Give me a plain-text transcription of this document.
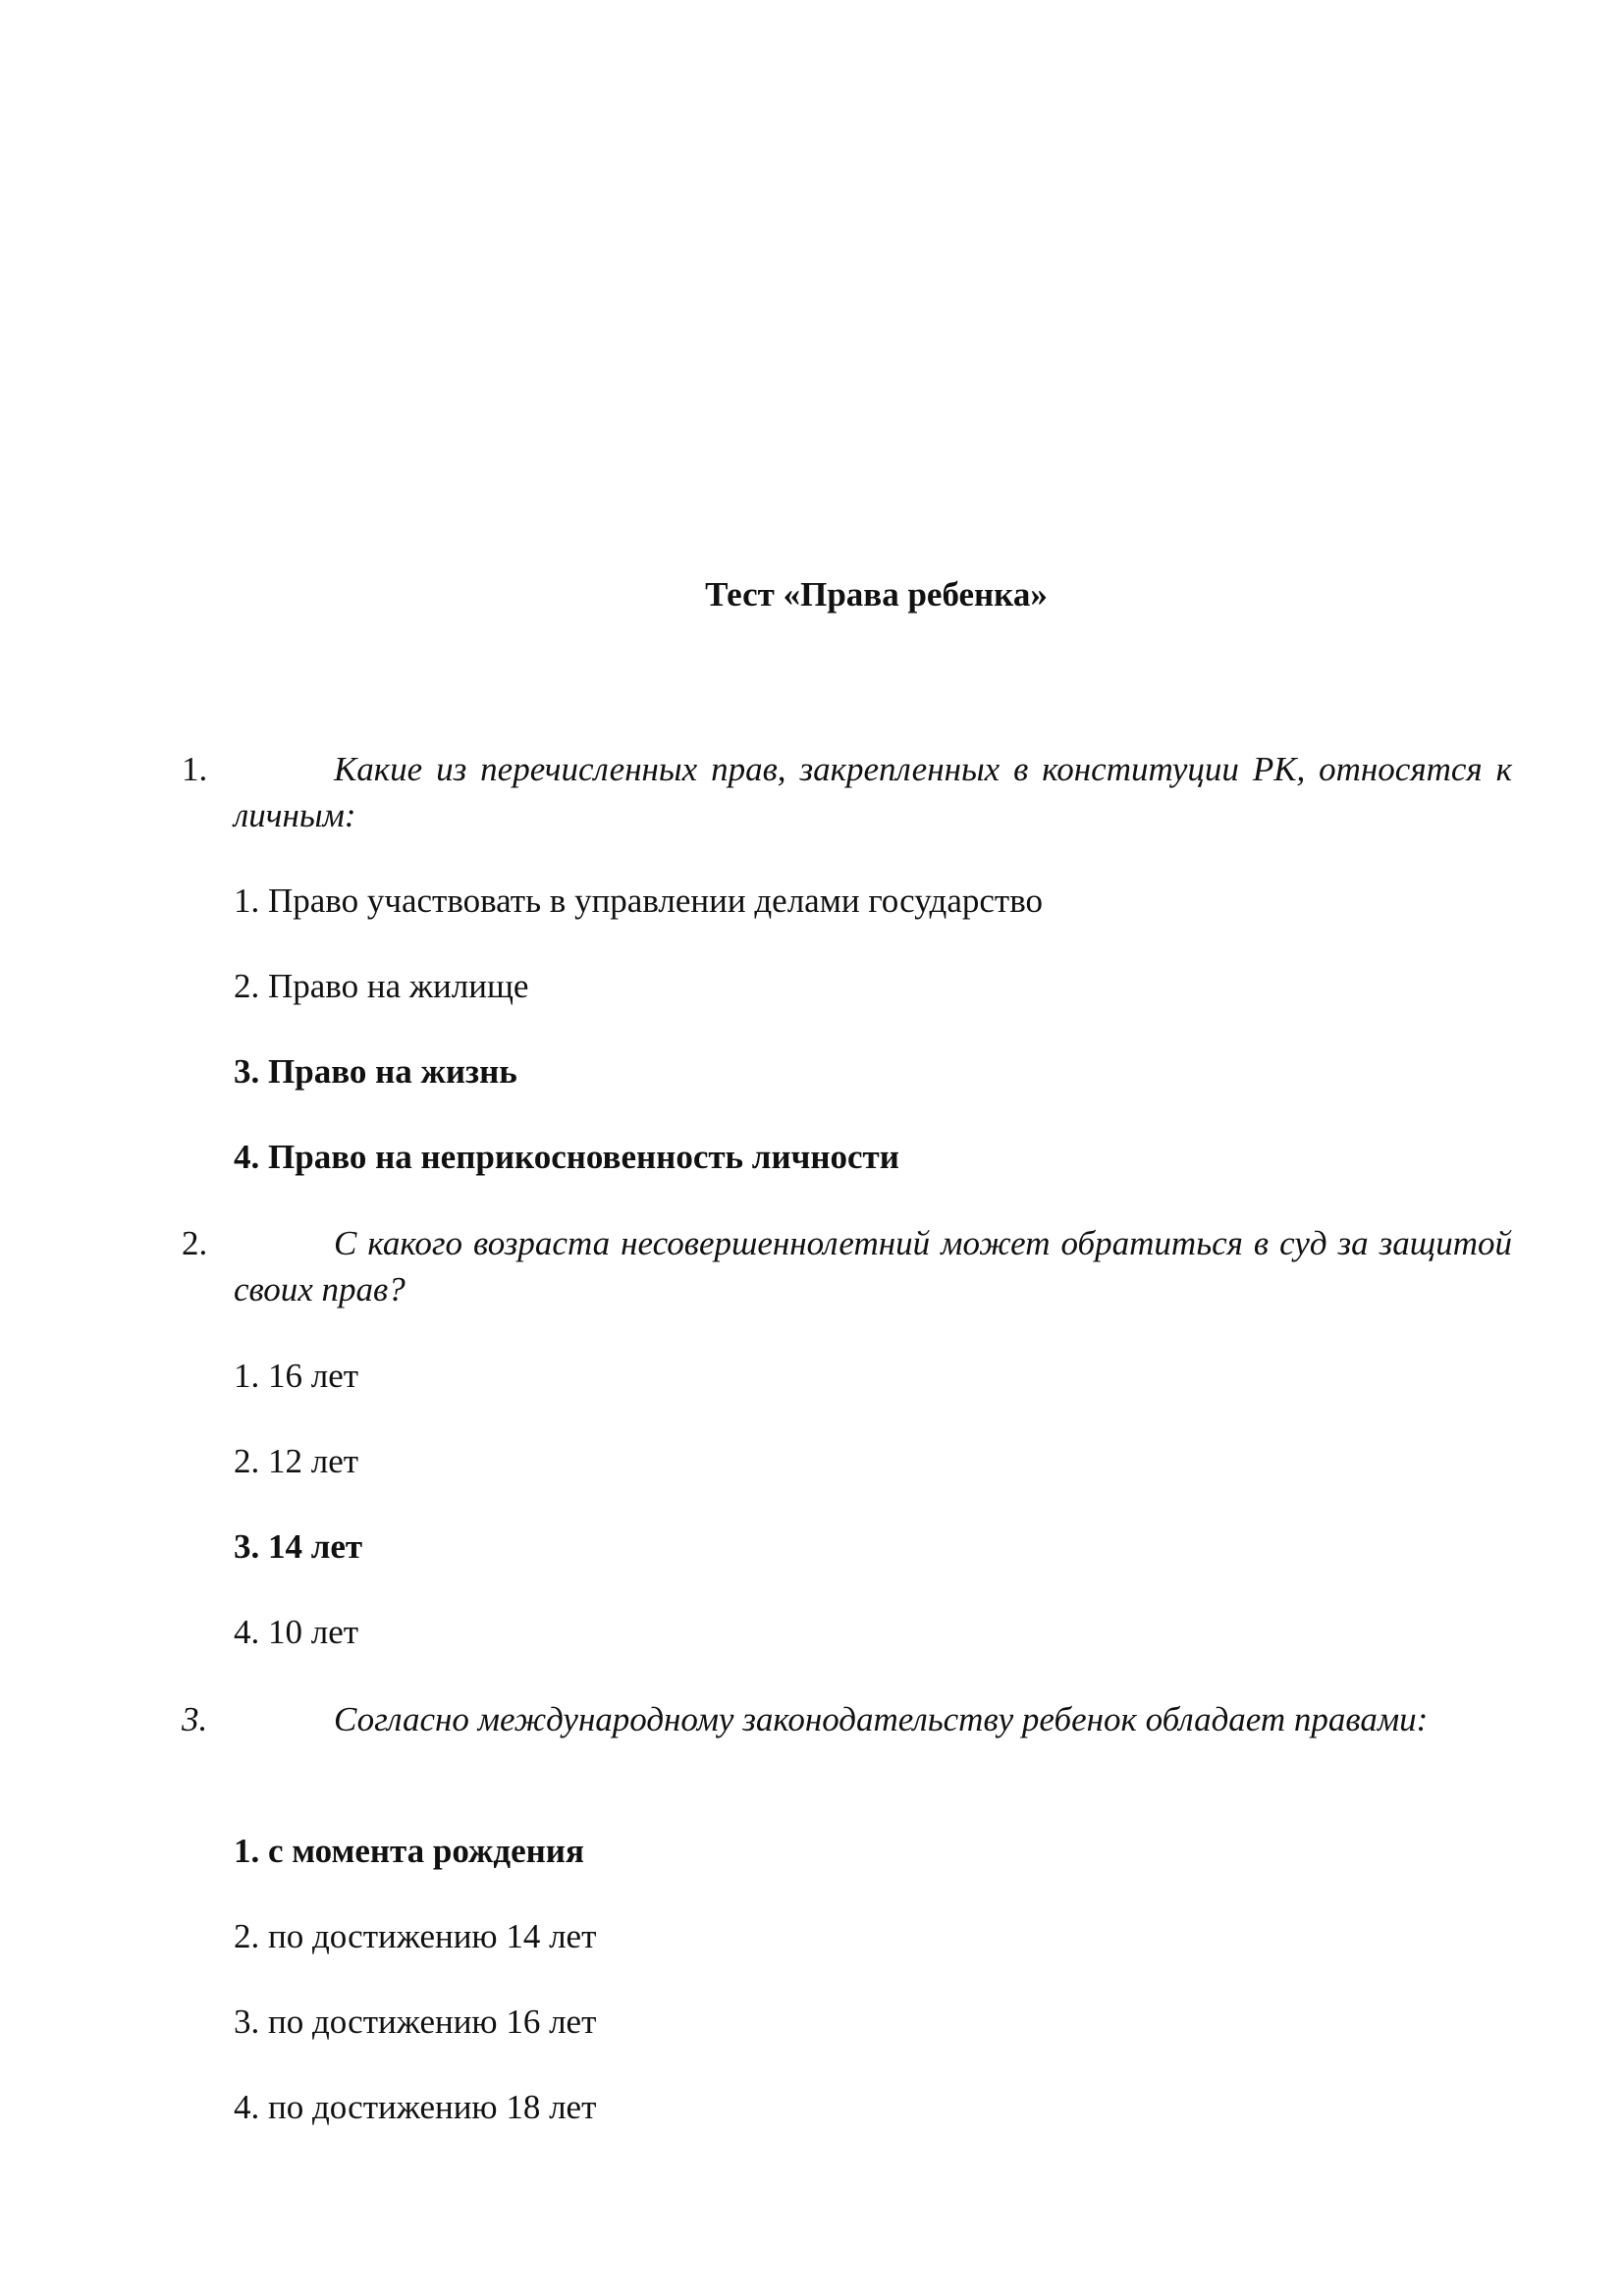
Тест «Права ребенка»
1.	Какие из перечисленных прав, закрепленных в конституции РК, относятся к личным:
1. Право участвовать в управлении делами государство
2. Право на жилище
3. Право на жизнь
4. Право на неприкосновенность личности
2.	С какого возраста несовершеннолетний может обратиться в суд за защитой своих прав?
1. 16 лет
2. 12 лет
3. 14 лет
4. 10 лет
3.	Согласно международному законодательству ребенок обладает правами:
1. с момента рождения
2. по достижению 14 лет
3. по достижению 16 лет
4. по достижению 18 лет
